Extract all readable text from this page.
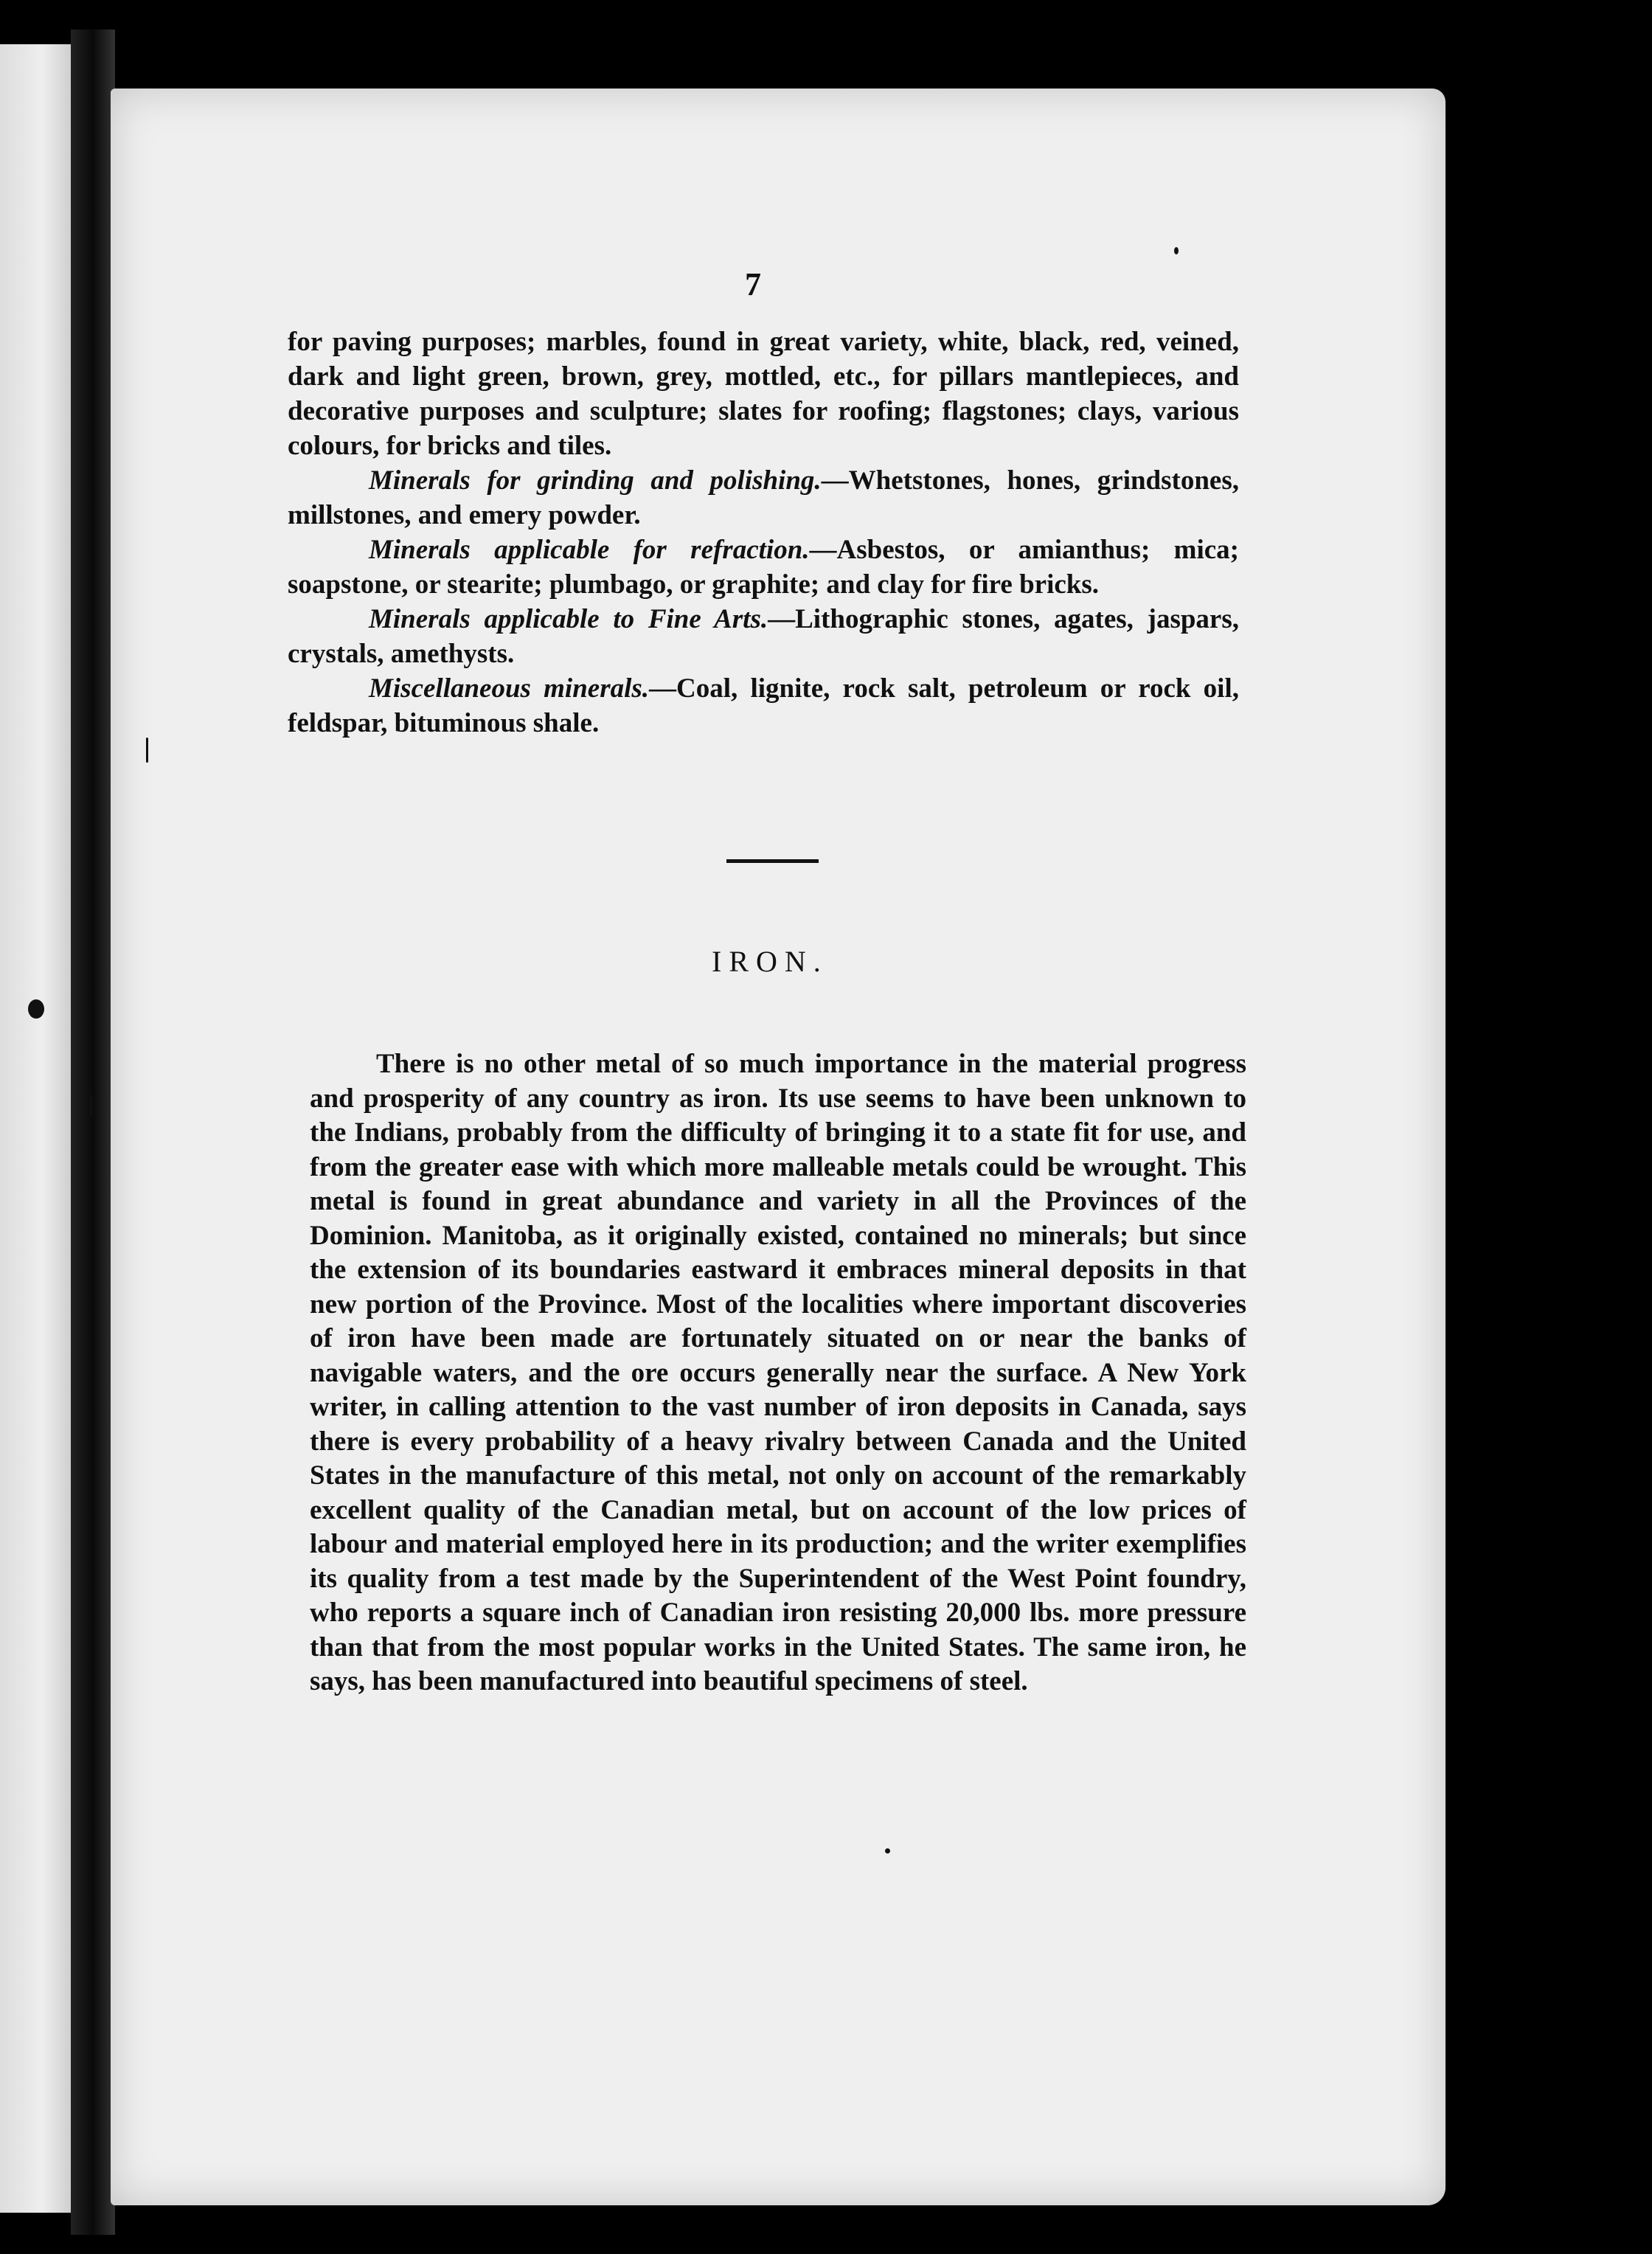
7

for paving purposes; marbles, found in great variety, white, black, red, veined, dark and light green, brown, grey, mottled, etc., for pillars mantlepieces, and decorative purposes and sculpture; slates for roofing; flagstones; clays, various colours, for bricks and tiles.

Minerals for grinding and polishing.—Whetstones, hones, grindstones, millstones, and emery powder.

Minerals applicable for refraction.—Asbestos, or amianthus; mica; soapstone, or stearite; plumbago, or graphite; and clay for fire bricks.

Minerals applicable to Fine Arts.—Lithographic stones, agates, jaspars, crystals, amethysts.

Miscellaneous minerals.—Coal, lignite, rock salt, petroleum or rock oil, feldspar, bituminous shale.

IRON.

There is no other metal of so much importance in the material progress and prosperity of any country as iron. Its use seems to have been unknown to the Indians, probably from the difficulty of bringing it to a state fit for use, and from the greater ease with which more malleable metals could be wrought. This metal is found in great abundance and variety in all the Provinces of the Dominion. Manitoba, as it originally existed, contained no minerals; but since the extension of its boundaries eastward it embraces mineral deposits in that new portion of the Province. Most of the localities where important discoveries of iron have been made are fortunately situated on or near the banks of navigable waters, and the ore occurs generally near the surface. A New York writer, in calling attention to the vast number of iron deposits in Canada, says there is every probability of a heavy rivalry between Canada and the United States in the manufacture of this metal, not only on account of the remarkably excellent quality of the Canadian metal, but on account of the low prices of labour and material employed here in its production; and the writer exemplifies its quality from a test made by the Superintendent of the West Point foundry, who reports a square inch of Canadian iron resisting 20,000 lbs. more pressure than that from the most popular works in the United States. The same iron, he says, has been manufactured into beautiful specimens of steel.
